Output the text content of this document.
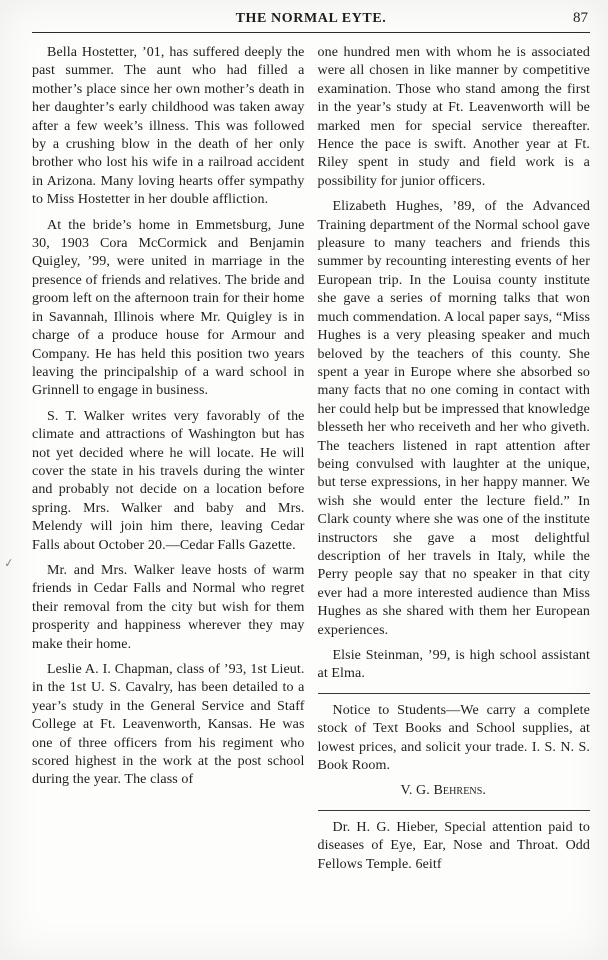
✓
THE NORMAL EYTE.	87

Bella Hostetter, ’01, has suffered deeply the past summer. The aunt who had filled a mother’s place since her own mother’s death in her daughter’s early childhood was taken away after a few week’s illness. This was followed by a crushing blow in the death of her only brother who lost his wife in a railroad accident in Arizona. Many loving hearts offer sympathy to Miss Hostetter in her double affliction.

At the bride’s home in Emmetsburg, June 30, 1903 Cora McCormick and Benjamin Quigley, ’99, were united in marriage in the presence of friends and relatives. The bride and groom left on the afternoon train for their home in Savannah, Illinois where Mr. Quigley is in charge of a produce house for Armour and Company. He has held this position two years leaving the principalship of a ward school in Grinnell to engage in business.

S. T. Walker writes very favorably of the climate and attractions of Washington but has not yet decided where he will locate. He will cover the state in his travels during the winter and probably not decide on a location before spring. Mrs. Walker and baby and Mrs. Melendy will join him there, leaving Cedar Falls about October 20.—Cedar Falls Gazette.

Mr. and Mrs. Walker leave hosts of warm friends in Cedar Falls and Normal who regret their removal from the city but wish for them prosperity and happiness wherever they may make their home.

Leslie A. I. Chapman, class of ’93, 1st Lieut. in the 1st U. S. Cavalry, has been detailed to a year’s study in the General Service and Staff College at Ft. Leavenworth, Kansas. He was one of three officers from his regiment who scored highest in the work at the post school during the year. The class of

one hundred men with whom he is associated were all chosen in like manner by competitive examination. Those who stand among the first in the year’s study at Ft. Leavenworth will be marked men for special service thereafter. Hence the pace is swift. Another year at Ft. Riley spent in study and field work is a possibility for junior officers.

Elizabeth Hughes, ’89, of the Advanced Training department of the Normal school gave pleasure to many teachers and friends this summer by recounting interesting events of her European trip. In the Louisa county institute she gave a series of morning talks that won much commendation. A local paper says, “Miss Hughes is a very pleasing speaker and much beloved by the teachers of this county. She spent a year in Europe where she absorbed so many facts that no one coming in contact with her could help but be impressed that knowledge blesseth her who receiveth and her who giveth. The teachers listened in rapt attention after being convulsed with laughter at the unique, but terse expressions, in her happy manner. We wish she would enter the lecture field.” In Clark county where she was one of the institute instructors she gave a most delightful description of her travels in Italy, while the Perry people say that no speaker in that city ever had a more interested audience than Miss Hughes as she shared with them her European experiences.

Elsie Steinman, ’99, is high school assistant at Elma.

Notice to Students—We carry a complete stock of Text Books and School supplies, at lowest prices, and solicit your trade. I. S. N. S. Book Room.

V. G. Behrens.

Dr. H. G. Hieber, Special attention paid to diseases of Eye, Ear, Nose and Throat. Odd Fellows Temple. 6eitf
